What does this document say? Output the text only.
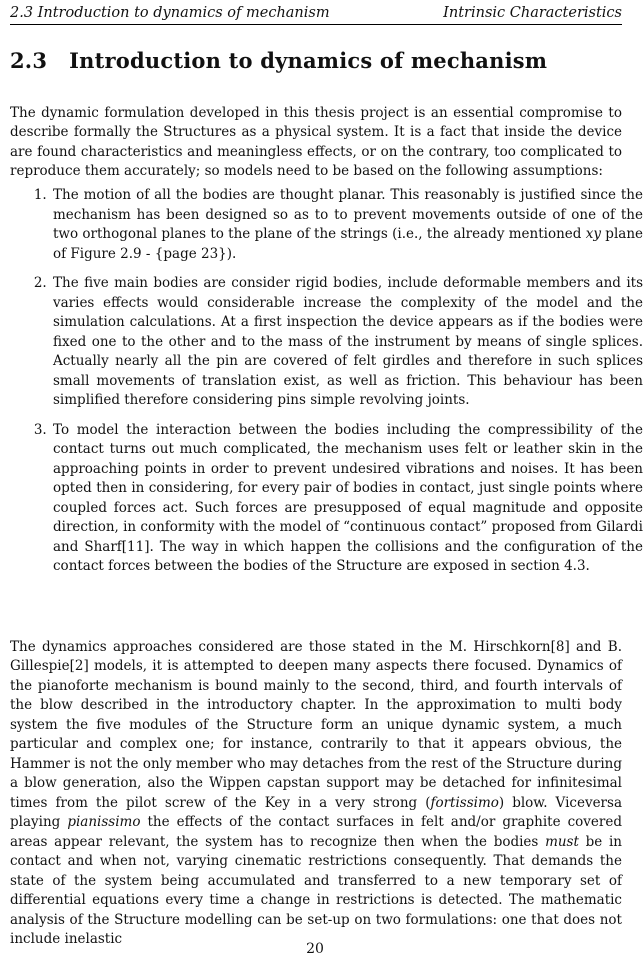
2.3 Introduction to dynamics of mechanism	Intrinsic Characteristics
2.3 Introduction to dynamics of mechanism

The dynamic formulation developed in this thesis project is an essential compromise to describe formally the Structures as a physical system. It is a fact that inside the device are found characteristics and meaningless effects, or on the contrary, too complicated to reproduce them accurately; so models need to be based on the following assumptions:

1. The motion of all the bodies are thought planar. This reasonably is justified since the mechanism has been designed so as to to prevent movements outside of one of the two orthogonal planes to the plane of the strings (i.e., the already mentioned xy plane of Figure 2.9 - {page 23}).
2. The five main bodies are consider rigid bodies, include deformable members and its varies effects would considerable increase the complexity of the model and the simulation calculations. At a first inspection the device appears as if the bodies were fixed one to the other and to the mass of the instrument by means of single splices. Actually nearly all the pin are covered of felt girdles and therefore in such splices small movements of translation exist, as well as friction. This behaviour has been simplified therefore considering pins simple revolving joints.
3. To model the interaction between the bodies including the compressibility of the contact turns out much complicated, the mechanism uses felt or leather skin in the approaching points in order to prevent undesired vibrations and noises. It has been opted then in considering, for every pair of bodies in contact, just single points where coupled forces act. Such forces are presupposed of equal magnitude and opposite direction, in conformity with the model of “continuous contact” proposed from Gilardi and Sharf[11]. The way in which happen the collisions and the configuration of the contact forces between the bodies of the Structure are exposed in section 4.3.

The dynamics approaches considered are those stated in the M. Hirschkorn[8] and B. Gillespie[2] models, it is attempted to deepen many aspects there focused. Dynamics of the pianoforte mechanism is bound mainly to the second, third, and fourth intervals of the blow described in the introductory chapter. In the approximation to multi body system the five modules of the Structure form an unique dynamic system, a much particular and complex one; for instance, contrarily to that it appears obvious, the Hammer is not the only member who may detaches from the rest of the Structure during a blow generation, also the Wippen capstan support may be detached for infinitesimal times from the pilot screw of the Key in a very strong (fortissimo) blow. Viceversa playing pianissimo the effects of the contact surfaces in felt and/or graphite covered areas appear relevant, the system has to recognize then when the bodies must be in contact and when not, varying cinematic restrictions consequently. That demands the state of the system being accumulated and transferred to a new temporary set of differential equations every time a change in restrictions is detected. The mathematic analysis of the Structure modelling can be set-up on two formulations: one that does not include inelastic

20
